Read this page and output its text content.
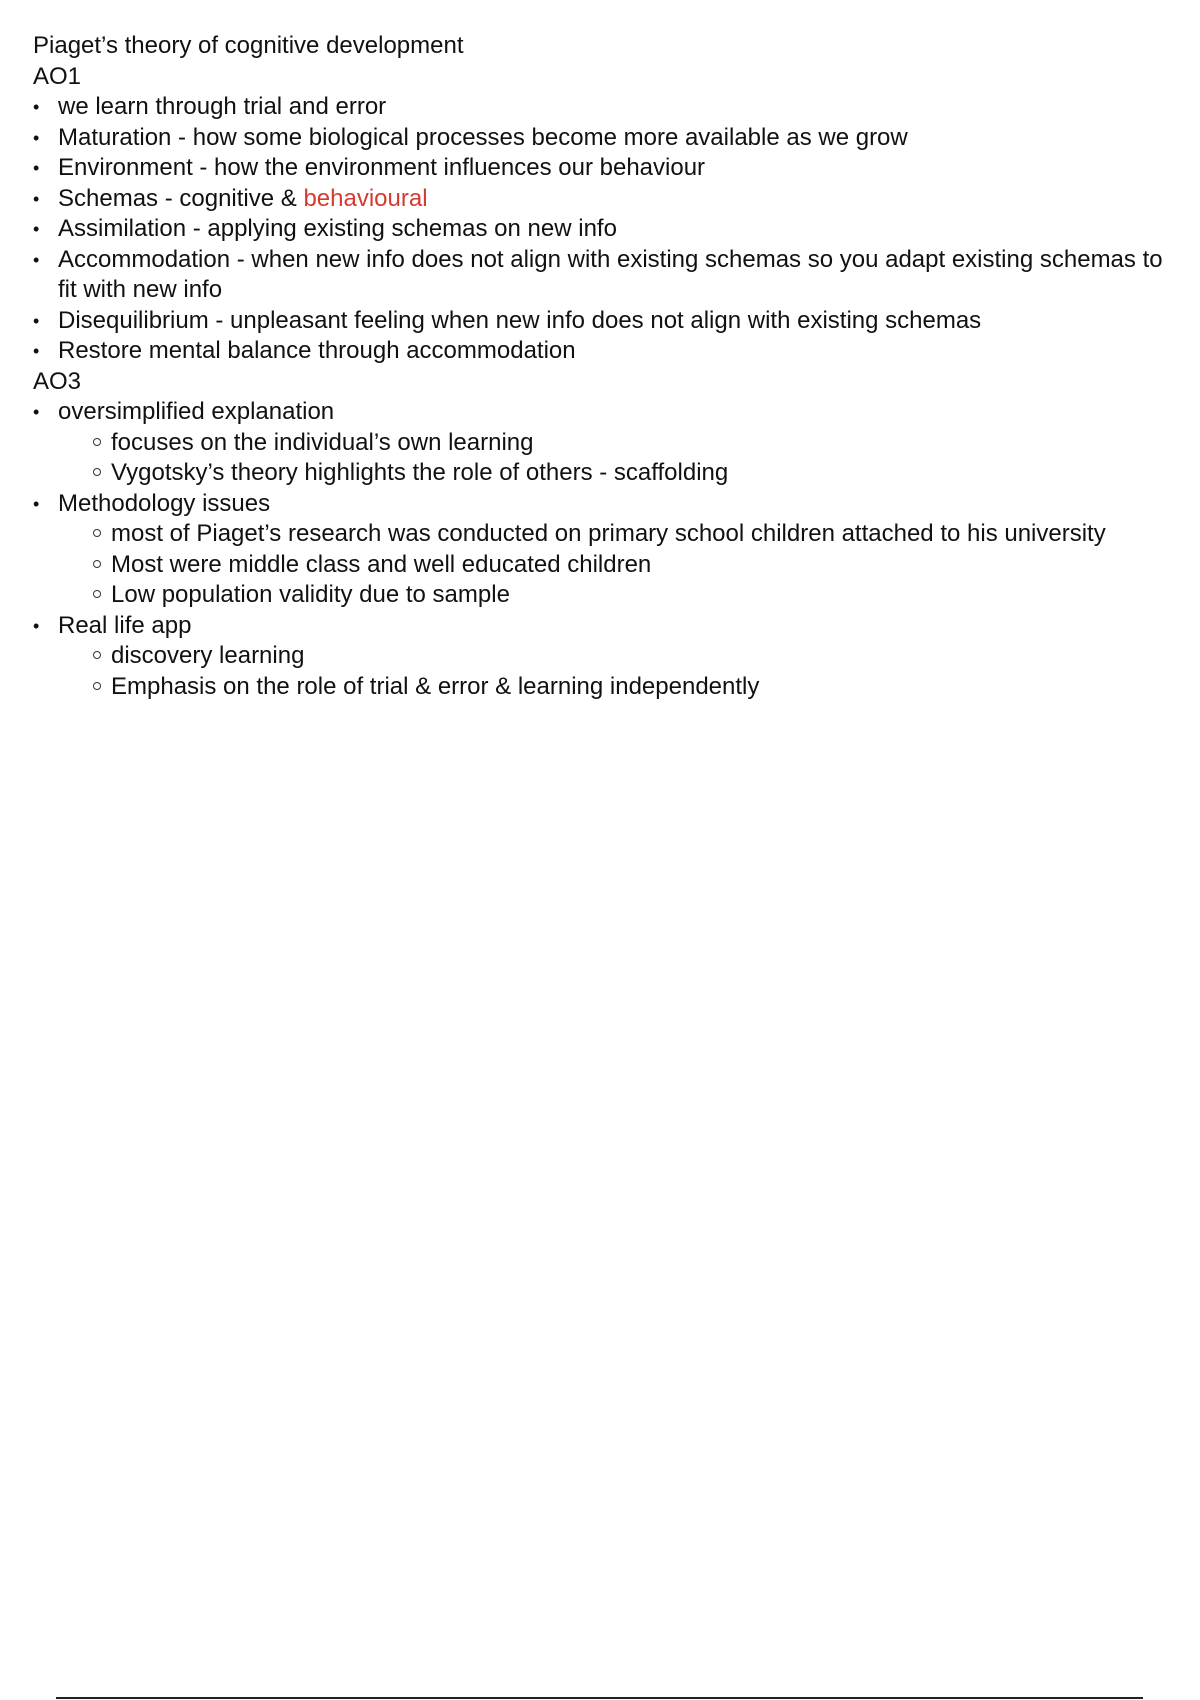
Piaget’s theory of cognitive development
AO1
• we learn through trial and error
• Maturation - how some biological processes become more available as we grow
• Environment - how the environment influences our behaviour
• Schemas - cognitive & behavioural
• Assimilation - applying existing schemas on new info
• Accommodation - when new info does not align with existing schemas so you adapt existing schemas to fit with new info
• Disequilibrium - unpleasant feeling when new info does not align with existing schemas
• Restore mental balance through accommodation
AO3
• oversimplified explanation
focuses on the individual’s own learning
Vygotsky’s theory highlights the role of others - scaffolding
• Methodology issues
most of Piaget’s research was conducted on primary school children attached to his university
Most were middle class and well educated children
Low population validity due to sample
• Real life app
discovery learning
Emphasis on the role of trial & error & learning independently
